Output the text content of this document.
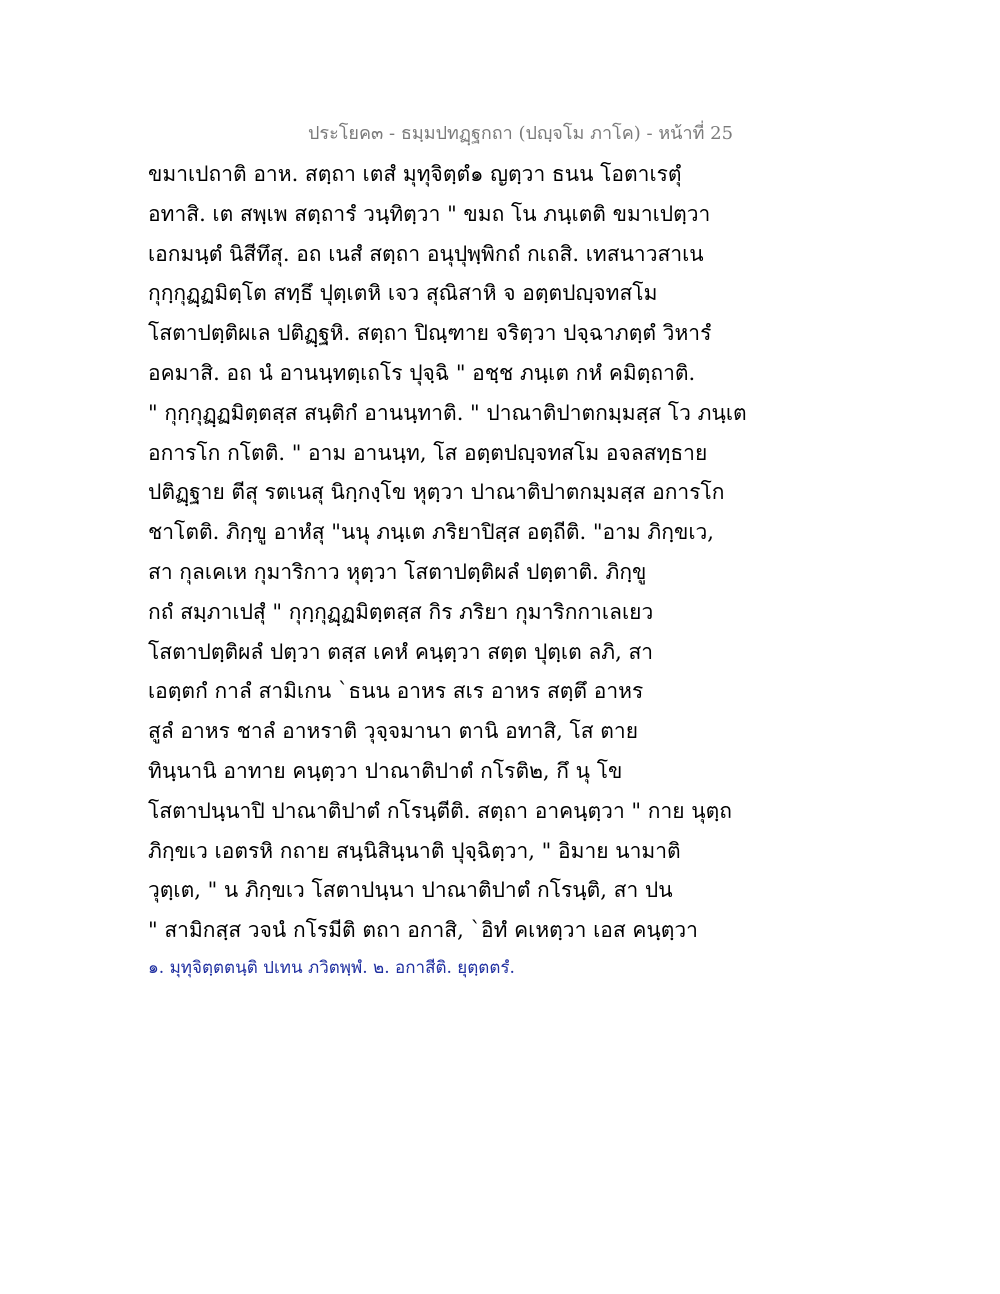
ประโยค๓ - ธมฺมปทฏฺฐกถา (ปญฺจโม ภาโค) - หน้าที่ 25
ขมาเปถาติ อาห. สตฺถา เตสํ มุทุจิตฺตํ๑ ญตฺวา ธนน โอตาเรตุํ
อทาสิ. เต สพฺเพ สตฺถารํ วนฺทิตฺวา " ขมถ โน ภนฺเตติ ขมาเปตฺวา
เอกมนฺตํ นิสีทึสุ. อถ เนสํ สตฺถา อนุปุพฺพิกถํ กเถสิ. เทสนาวสาเน
กุกฺกุฏฺฏมิตฺโต สทฺธึ ปุตฺเตหิ เจว สุณิสาหิ จ อตฺตปญฺจทสโม
โสตาปตฺติผเล ปติฏฺฐหิ. สตฺถา ปิณฺฑาย จริตฺวา ปจฺฉาภตฺตํ วิหารํ
อคมาสิ. อถ นํ อานนฺทตฺเถโร ปุจฺฉิ " อชฺช ภนฺเต กหํ คมิตฺถาติ.
" กุกฺกุฏฺฏมิตฺตสฺส สนฺติกํ อานนฺทาติ. " ปาณาติปาตกมฺมสฺส โว ภนฺเต
อการโก กโตติ. " อาม อานนฺท, โส อตฺตปญฺจทสโม อจลสทฺธาย
ปติฏฺฐาย ตีสุ รตเนสุ นิกฺกงฺโข หุตฺวา ปาณาติปาตกมฺมสฺส อการโก
ชาโตติ. ภิกฺขู อาหํสุ "นนุ ภนฺเต ภริยาปิสฺส อตฺถีติ. "อาม ภิกฺขเว,
สา กุลเคเห กุมาริกาว หุตฺวา โสตาปตฺติผลํ ปตฺตาติ. ภิกฺขู
กถํ สมฺภาเปสุํ " กุกฺกุฏฺฏมิตฺตสฺส กิร ภริยา กุมาริกกาเลเยว
โสตาปตฺติผลํ ปตฺวา ตสฺส เคหํ คนฺตฺวา สตฺต ปุตฺเต ลภิ, สา
เอตฺตกํ กาลํ สามิเกน `ธนน อาหร สเร อาหร สตฺตึ อาหร
สูลํ อาหร ชาลํ อาหราติ วุจฺจมานา ตานิ อทาสิ, โส ตาย
ทินฺนานิ อาทาย คนฺตฺวา ปาณาติปาตํ กโรติ๒, กึ นุ โข
โสตาปนฺนาปิ ปาณาติปาตํ กโรนฺตีติ. สตฺถา อาคนฺตฺวา " กาย นุตฺถ
ภิกฺขเว เอตรหิ กถาย สนฺนิสินฺนาติ ปุจฺฉิตฺวา, " อิมาย นามาติ
วุตฺเต, " น ภิกฺขเว โสตาปนฺนา ปาณาติปาตํ กโรนฺติ, สา ปน
" สามิกสฺส วจนํ กโรมีติ ตถา อกาสิ, `อิทํ คเหตฺวา เอส คนฺตฺวา
๑. มุทุจิตฺตตนฺติ ปเทน ภวิตพฺพํ. ๒. อกาสีติ. ยุตฺตตรํ.
